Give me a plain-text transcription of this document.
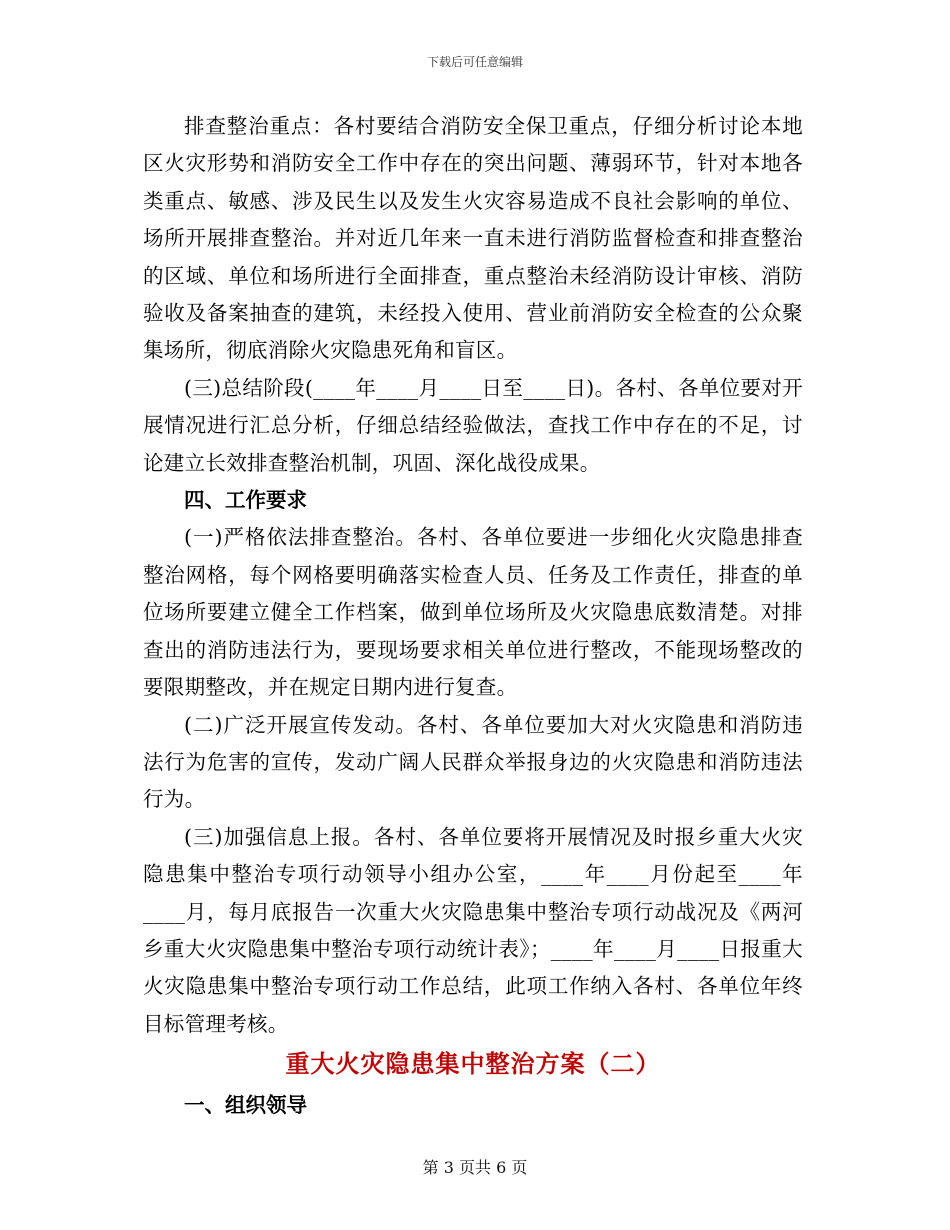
下载后可任意编辑

排查整治重点：各村要结合消防安全保卫重点，仔细分析讨论本地区火灾形势和消防安全工作中存在的突出问题、薄弱环节，针对本地各类重点、敏感、涉及民生以及发生火灾容易造成不良社会影响的单位、场所开展排查整治。并对近几年来一直未进行消防监督检查和排查整治的区域、单位和场所进行全面排查，重点整治未经消防设计审核、消防验收及备案抽查的建筑，未经投入使用、营业前消防安全检查的公众聚集场所，彻底消除火灾隐患死角和盲区。

(三)总结阶段(____年____月____日至____日)。各村、各单位要对开展情况进行汇总分析，仔细总结经验做法，查找工作中存在的不足，讨论建立长效排查整治机制，巩固、深化战役成果。

四、工作要求

(一)严格依法排查整治。各村、各单位要进一步细化火灾隐患排查整治网格，每个网格要明确落实检查人员、任务及工作责任，排查的单位场所要建立健全工作档案，做到单位场所及火灾隐患底数清楚。对排查出的消防违法行为，要现场要求相关单位进行整改，不能现场整改的要限期整改，并在规定日期内进行复查。

(二)广泛开展宣传发动。各村、各单位要加大对火灾隐患和消防违法行为危害的宣传，发动广阔人民群众举报身边的火灾隐患和消防违法行为。

(三)加强信息上报。各村、各单位要将开展情况及时报乡重大火灾隐患集中整治专项行动领导小组办公室，____年____月份起至____年____月，每月底报告一次重大火灾隐患集中整治专项行动战况及《两河乡重大火灾隐患集中整治专项行动统计表》；____年____月____日报重大火灾隐患集中整治专项行动工作总结，此项工作纳入各村、各单位年终目标管理考核。

重大火灾隐患集中整治方案（二）

一、组织领导

第 3 页共 6 页
